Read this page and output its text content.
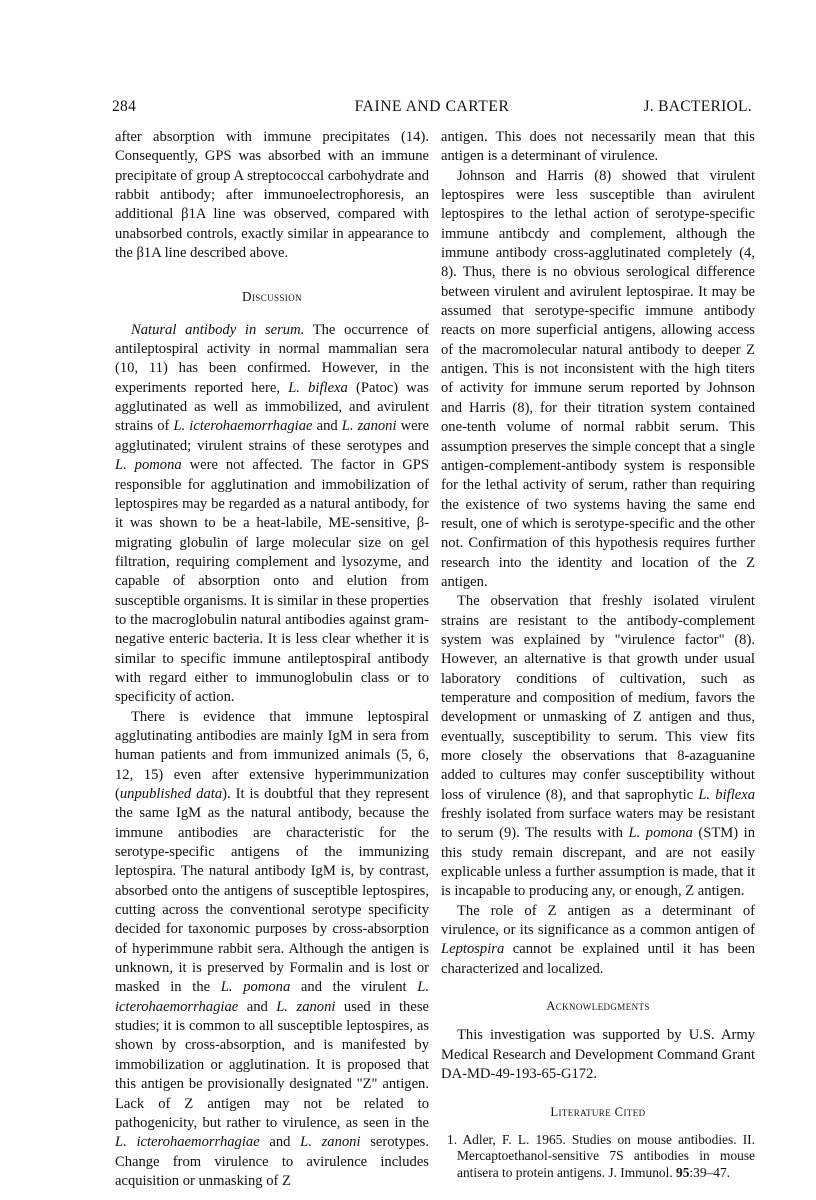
284	FAINE AND CARTER	J. BACTERIOL.

after absorption with immune precipitates (14). Consequently, GPS was absorbed with an immune precipitate of group A streptococcal carbohydrate and rabbit antibody; after immunoelectrophoresis, an additional β1A line was observed, compared with unabsorbed controls, exactly similar in appearance to the β1A line described above.

Discussion

Natural antibody in serum. The occurrence of antileptospiral activity in normal mammalian sera (10, 11) has been confirmed. However, in the experiments reported here, L. biflexa (Patoc) was agglutinated as well as immobilized, and avirulent strains of L. icterohaemorrhagiae and L. zanoni were agglutinated; virulent strains of these serotypes and L. pomona were not affected. The factor in GPS responsible for agglutination and immobilization of leptospires may be regarded as a natural antibody, for it was shown to be a heat-labile, ME-sensitive, β-migrating globulin of large molecular size on gel filtration, requiring complement and lysozyme, and capable of absorption onto and elution from susceptible organisms. It is similar in these properties to the macroglobulin natural antibodies against gram-negative enteric bacteria. It is less clear whether it is similar to specific immune antileptospiral antibody with regard either to immunoglobulin class or to specificity of action.

There is evidence that immune leptospiral agglutinating antibodies are mainly IgM in sera from human patients and from immunized animals (5, 6, 12, 15) even after extensive hyperimmunization (unpublished data). It is doubtful that they represent the same IgM as the natural antibody, because the immune antibodies are characteristic for the serotype-specific antigens of the immunizing leptospira. The natural antibody IgM is, by contrast, absorbed onto the antigens of susceptible leptospires, cutting across the conventional serotype specificity decided for taxonomic purposes by cross-absorption of hyperimmune rabbit sera. Although the antigen is unknown, it is preserved by Formalin and is lost or masked in the L. pomona and the virulent L. icterohaemorrhagiae and L. zanoni used in these studies; it is common to all susceptible leptospires, as shown by cross-absorption, and is manifested by immobilization or agglutination. It is proposed that this antigen be provisionally designated "Z" antigen. Lack of Z antigen may not be related to pathogenicity, but rather to virulence, as seen in the L. icterohaemorrhagiae and L. zanoni serotypes. Change from virulence to avirulence includes acquisition or unmasking of Z

antigen. This does not necessarily mean that this antigen is a determinant of virulence.

Johnson and Harris (8) showed that virulent leptospires were less susceptible than avirulent leptospires to the lethal action of serotype-specific immune antibcdy and complement, although the immune antibody cross-agglutinated completely (4, 8). Thus, there is no obvious serological difference between virulent and avirulent leptospirae. It may be assumed that serotype-specific immune antibody reacts on more superficial antigens, allowing access of the macromolecular natural antibody to deeper Z antigen. This is not inconsistent with the high titers of activity for immune serum reported by Johnson and Harris (8), for their titration system contained one-tenth volume of normal rabbit serum. This assumption preserves the simple concept that a single antigen-complement-antibody system is responsible for the lethal activity of serum, rather than requiring the existence of two systems having the same end result, one of which is serotype-specific and the other not. Confirmation of this hypothesis requires further research into the identity and location of the Z antigen.

The observation that freshly isolated virulent strains are resistant to the antibody-complement system was explained by "virulence factor" (8). However, an alternative is that growth under usual laboratory conditions of cultivation, such as temperature and composition of medium, favors the development or unmasking of Z antigen and thus, eventually, susceptibility to serum. This view fits more closely the observations that 8-azaguanine added to cultures may confer susceptibility without loss of virulence (8), and that saprophytic L. biflexa freshly isolated from surface waters may be resistant to serum (9). The results with L. pomona (STM) in this study remain discrepant, and are not easily explicable unless a further assumption is made, that it is incapable to producing any, or enough, Z antigen.

The role of Z antigen as a determinant of virulence, or its significance as a common antigen of Leptospira cannot be explained until it has been characterized and localized.

Acknowledgments

This investigation was supported by U.S. Army Medical Research and Development Command Grant DA-MD-49-193-65-G172.

Literature Cited

1. Adler, F. L. 1965. Studies on mouse antibodies. II. Mercaptoethanol-sensitive 7S antibodies in mouse antisera to protein antigens. J. Immunol. 95:39–47.
